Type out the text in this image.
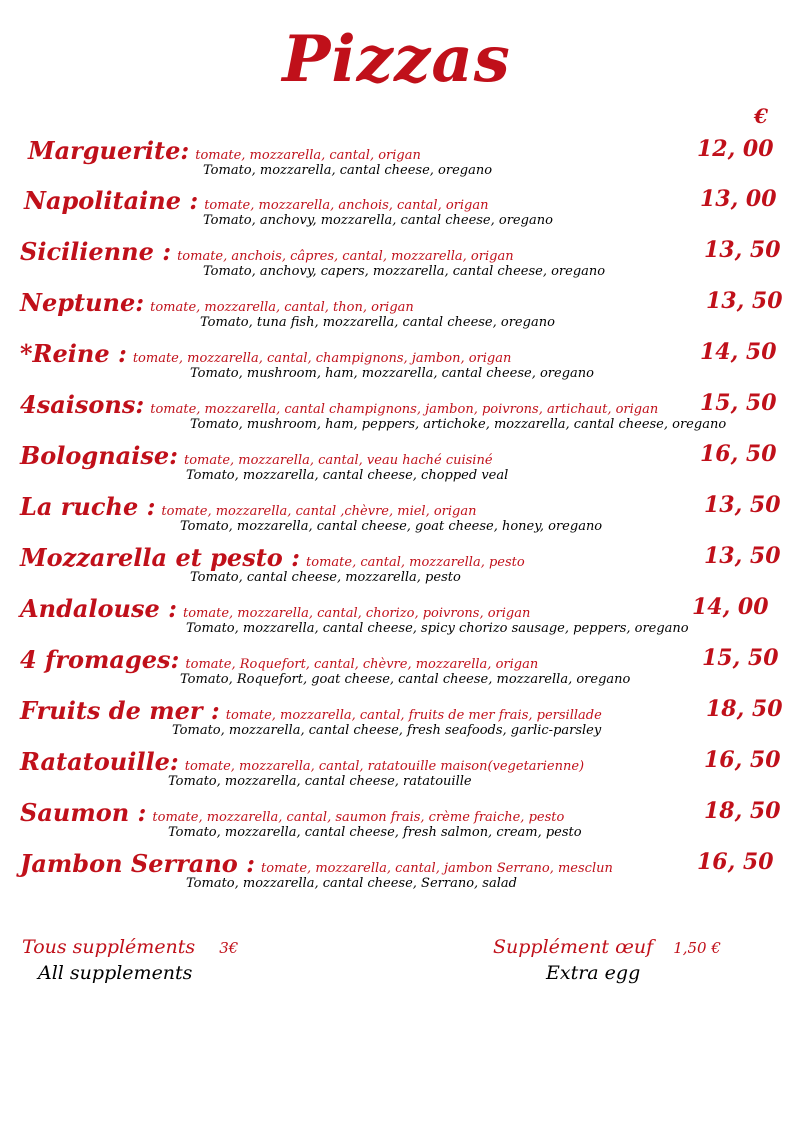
Pizzas
€
Marguerite: tomate, mozzarella, cantal, origan	12, 00
Tomato, mozzarella, cantal cheese, oregano
Napolitaine : tomate, mozzarella, anchois, cantal, origan	13, 00
Tomato, anchovy, mozzarella, cantal cheese, oregano
Sicilienne : tomate, anchois, câpres, cantal, mozzarella, origan	13, 50
Tomato, anchovy, capers, mozzarella, cantal cheese, oregano
Neptune: tomate, mozzarella, cantal, thon, origan	13, 50
Tomato, tuna fish, mozzarella, cantal cheese, oregano
*Reine : tomate, mozzarella, cantal, champignons, jambon, origan	14, 50
Tomato, mushroom, ham, mozzarella, cantal cheese, oregano
4saisons: tomate, mozzarella, cantal champignons, jambon, poivrons, artichaut, origan 15, 50
Tomato, mushroom, ham, peppers, artichoke, mozzarella, cantal cheese, oregano
Bolognaise: tomate, mozzarella, cantal, veau haché cuisiné	16, 50
Tomato, mozzarella, cantal cheese, chopped veal
La ruche : tomate, mozzarella, cantal ,chèvre, miel, origan	13, 50
Tomato, mozzarella, cantal cheese, goat cheese, honey, oregano
Mozzarella et pesto : tomate, cantal, mozzarella, pesto	13, 50
Tomato, cantal cheese, mozzarella, pesto
Andalouse : tomate, mozzarella, cantal, chorizo, poivrons, origan	14, 00
Tomato, mozzarella, cantal cheese, spicy chorizo sausage, peppers, oregano
4 fromages: tomate, Roquefort, cantal, chèvre, mozzarella, origan	15, 50
Tomato, Roquefort, goat cheese, cantal cheese, mozzarella, oregano
Fruits de mer : tomate, mozzarella, cantal, fruits de mer frais, persillade	18, 50
Tomato, mozzarella, cantal cheese, fresh seafoods, garlic-parsley
Ratatouille: tomate, mozzarella, cantal, ratatouille maison(vegetarienne)	16, 50
Tomato, mozzarella, cantal cheese, ratatouille
Saumon : tomate, mozzarella, cantal, saumon frais, crème fraiche, pesto	18, 50
Tomato, mozzarella, cantal cheese, fresh salmon, cream, pesto
Jambon Serrano : tomate, mozzarella, cantal, jambon Serrano, mesclun	16, 50
Tomato, mozzarella, cantal cheese, Serrano, salad
Tous suppléments 3€
All supplements
Supplément œuf 1,50 €
Extra egg
